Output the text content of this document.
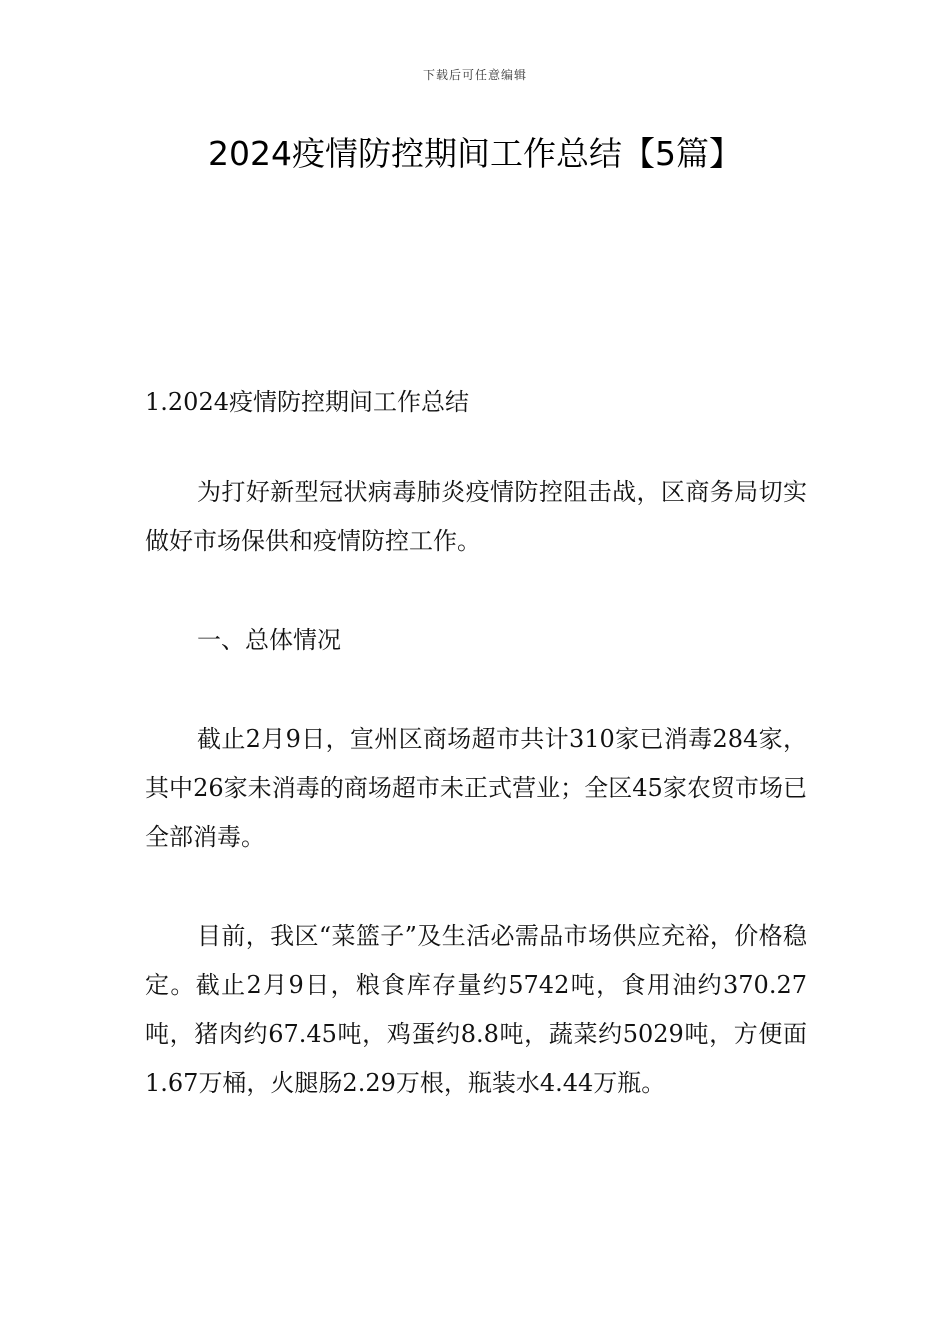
下载后可任意编辑
2024疫情防控期间工作总结【5篇】

1.2024疫情防控期间工作总结

为打好新型冠状病毒肺炎疫情防控阻击战，区商务局切实做好市场保供和疫情防控工作。

一、总体情况

截止2月9日，宣州区商场超市共计310家已消毒284家，其中26家未消毒的商场超市未正式营业；全区45家农贸市场已全部消毒。

目前，我区“菜篮子”及生活必需品市场供应充裕，价格稳定。截止2月9日，粮食库存量约5742吨，食用油约370.27吨，猪肉约67.45吨，鸡蛋约8.8吨，蔬菜约5029吨，方便面1.67万桶，火腿肠2.29万根，瓶装水4.44万瓶。
